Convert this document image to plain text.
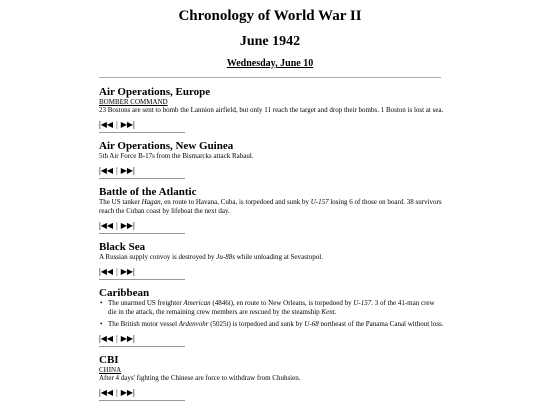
Chronology of World War II
June 1942
Wednesday, June 10
Air Operations, Europe
BOMBER COMMAND

23 Bostons are sent to bomb the Lannion airfield, but only 11 reach the target and drop their bombs. 1 Boston is lost at sea.

|◀◀ | ▶▶|
Air Operations, New Guinea

5th Air Force B-17s from the Bismarcks attack Rabaul.

|◀◀ | ▶▶|
Battle of the Atlantic

The US tanker Hagan, en route to Havana, Cuba, is torpedoed and sunk by U-157 losing 6 of those on board. 38 survivors reach the Cuban coast by lifeboat the next day.

|◀◀ | ▶▶|
Black Sea

A Russian supply convoy is destroyed by Ju-88s while unloading at Sevastopol.

|◀◀ | ▶▶|
Caribbean
• The unarmed US freighter American (4846t), en route to New Orleans, is torpedoed by U-157. 3 of the 41-man crew die in the attack, the remaining crew members are rescued by the steamship Kent.
• The British motor vessel Ardenvohr (5025t) is torpedoed and sunk by U-68 northeast of the Panama Canal without loss.
|◀◀ | ▶▶|
CBI
CHINA

After 4 days' fighting the Chinese are force to withdraw from Chuhsien.

|◀◀ | ▶▶|
